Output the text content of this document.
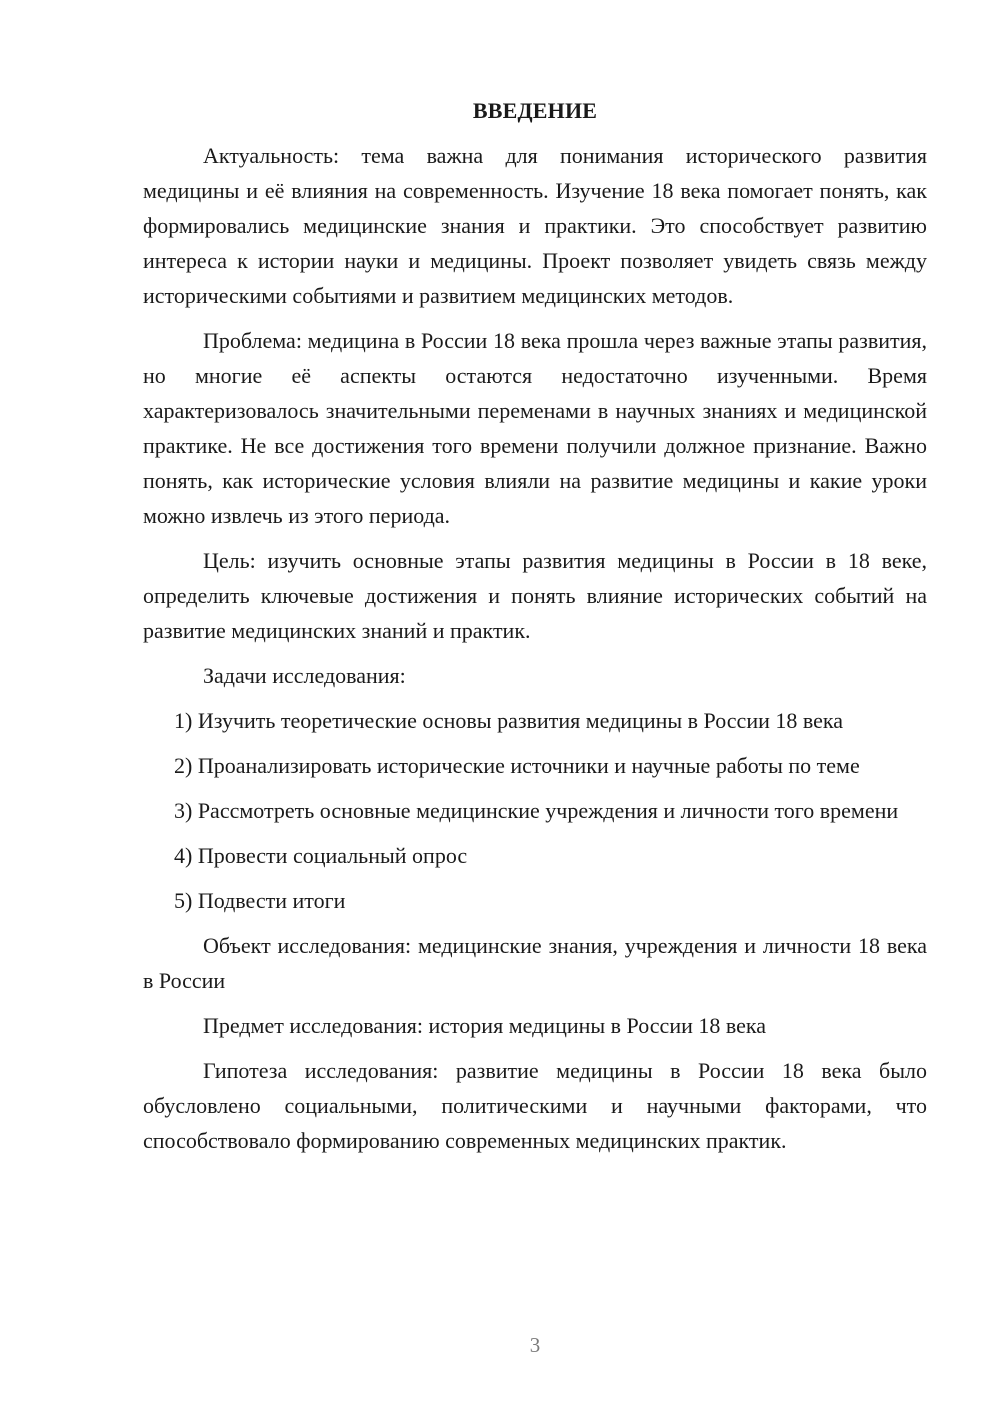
ВВЕДЕНИЕ

Актуальность: тема важна для понимания исторического развития медицины и её влияния на современность. Изучение 18 века помогает понять, как формировались медицинские знания и практики. Это способствует развитию интереса к истории науки и медицины. Проект позволяет увидеть связь между историческими событиями и развитием медицинских методов.

Проблема: медицина в России 18 века прошла через важные этапы развития, но многие её аспекты остаются недостаточно изученными. Время характеризовалось значительными переменами в научных знаниях и медицинской практике. Не все достижения того времени получили должное признание. Важно понять, как исторические условия влияли на развитие медицины и какие уроки можно извлечь из этого периода.

Цель: изучить основные этапы развития медицины в России в 18 веке, определить ключевые достижения и понять влияние исторических событий на развитие медицинских знаний и практик.

Задачи исследования:

1) Изучить теоретические основы развития медицины в России 18 века

2) Проанализировать исторические источники и научные работы по теме

3) Рассмотреть основные медицинские учреждения и личности того времени

4) Провести социальный опрос

5) Подвести итоги

Объект исследования: медицинские знания, учреждения и личности 18 века в России

Предмет исследования: история медицины в России 18 века

Гипотеза исследования: развитие медицины в России 18 века было обусловлено социальными, политическими и научными факторами, что способствовало формированию современных медицинских практик.

3
